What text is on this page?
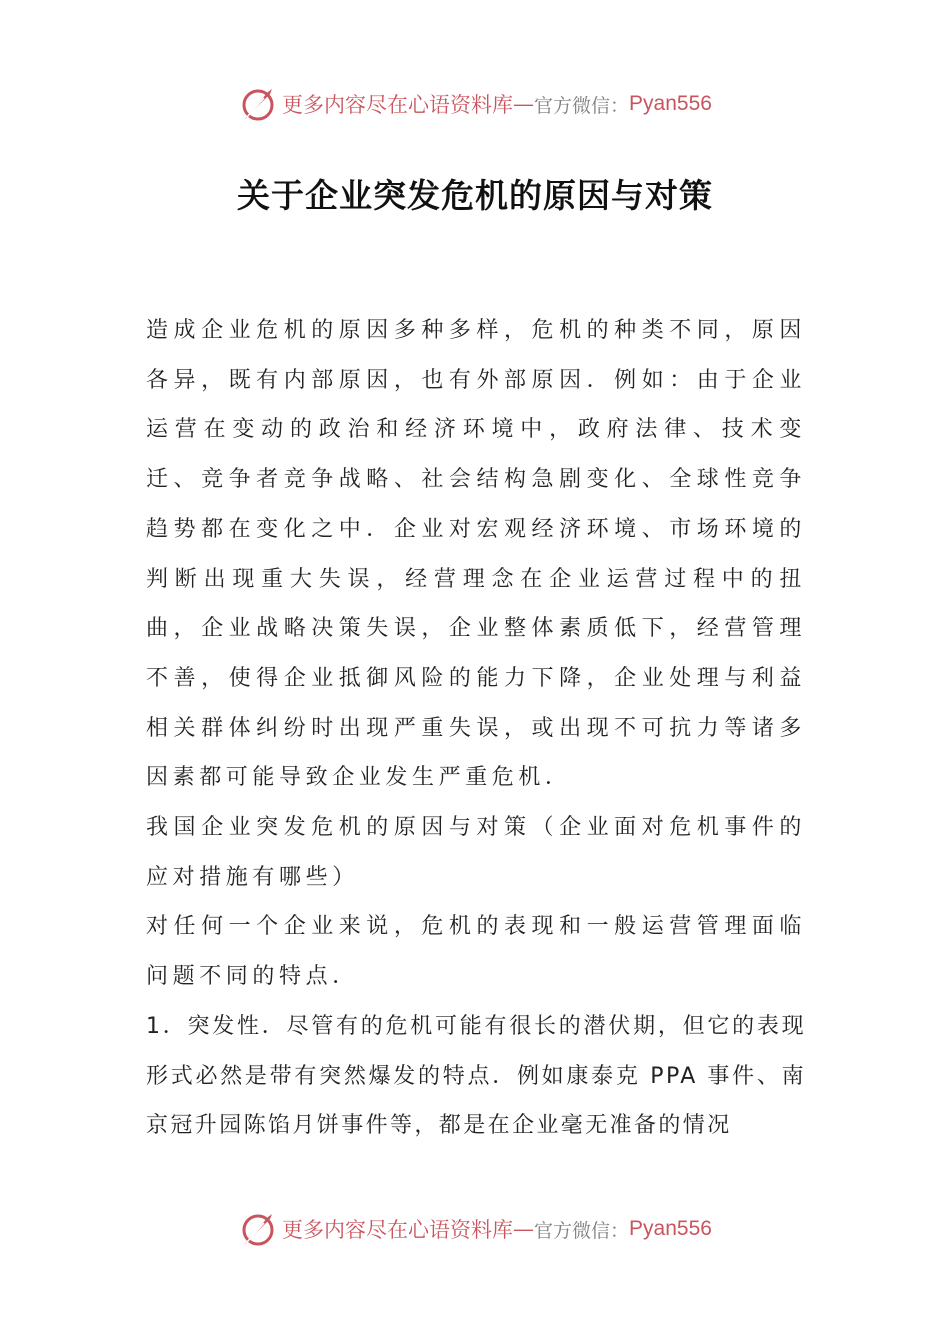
更多内容尽在心语资料库 — 官方微信： Pyan556
关于企业突发危机的原因与对策

造成企业危机的原因多种多样，危机的种类不同，原因各异，既有内部原因，也有外部原因．例如：由于企业运营在变动的政治和经济环境中，政府法律、技术变迁、竞争者竞争战略、社会结构急剧变化、全球性竞争趋势都在变化之中．企业对宏观经济环境、市场环境的判断出现重大失误，经营理念在企业运营过程中的扭曲，企业战略决策失误，企业整体素质低下，经营管理不善，使得企业抵御风险的能力下降，企业处理与利益相关群体纠纷时出现严重失误，或出现不可抗力等诸多因素都可能导致企业发生严重危机．

我国企业突发危机的原因与对策（企业面对危机事件的应对措施有哪些）

对任何一个企业来说，危机的表现和一般运营管理面临问题不同的特点．

1．突发性．尽管有的危机可能有很长的潜伏期，但它的表现形式必然是带有突然爆发的特点．例如康泰克 PPA 事件、南京冠升园陈馅月饼事件等，都是在企业毫无准备的情况

更多内容尽在心语资料库 — 官方微信： Pyan556
